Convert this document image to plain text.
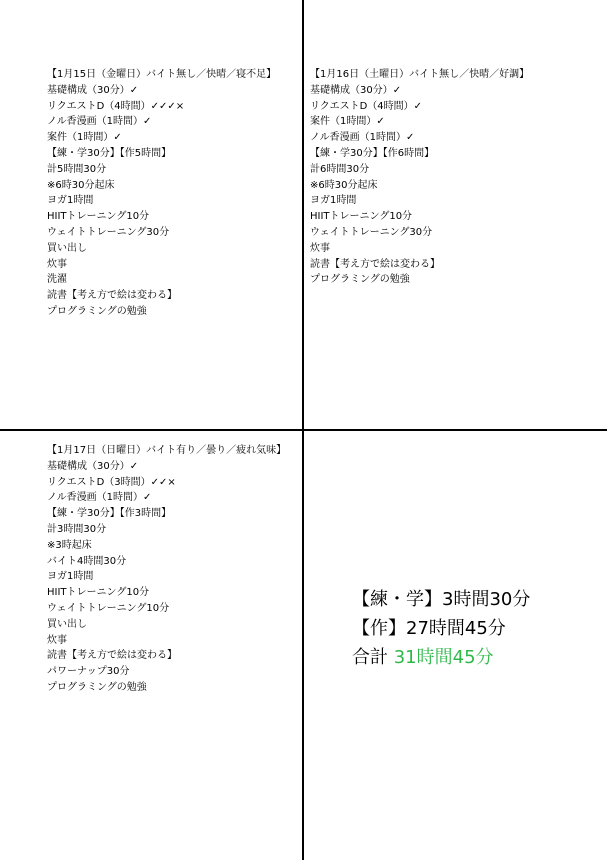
【1月15日（金曜日）バイト無し／快晴／寝不足】
基礎構成（30分）✓
リクエストD（4時間）✓✓✓×
ノル香漫画（1時間）✓
案件（1時間）✓
【練・学30分】【作5時間】
計5時間30分
※6時30分起床
ヨガ1時間
HIITトレーニング10分
ウェイトトレーニング30分
買い出し
炊事
洗濯
読書【考え方で絵は変わる】
プログラミングの勉強
【1月16日（土曜日）バイト無し／快晴／好調】
基礎構成（30分）✓
リクエストD（4時間）✓
案件（1時間）✓
ノル香漫画（1時間）✓
【練・学30分】【作6時間】
計6時間30分
※6時30分起床
ヨガ1時間
HIITトレーニング10分
ウェイトトレーニング30分
炊事
読書【考え方で絵は変わる】
プログラミングの勉強
【1月17日（日曜日）バイト有り／曇り／疲れ気味】
基礎構成（30分）✓
リクエストD（3時間）✓✓×
ノル香漫画（1時間）✓
【練・学30分】【作3時間】
計3時間30分
※3時起床
バイト4時間30分
ヨガ1時間
HIITトレーニング10分
ウェイトトレーニング10分
買い出し
炊事
読書【考え方で絵は変わる】
パワーナップ30分
プログラミングの勉強
【練・学】3時間30分
【作】27時間45分
合計 31時間45分
